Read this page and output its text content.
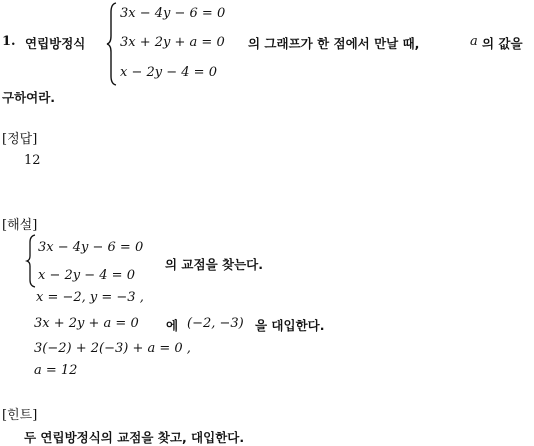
1. 연립방정식
3x − 4y − 6 = 0
3x + 2y + a = 0
x − 2y − 4 = 0
의 그래프가 한 점에서 만날 때,	a 의 값을
구하여라.
[정답]
12
[해설]
3x − 4y − 6 = 0
x − 2y − 4 = 0
의 교점을 찾는다.
x = −2, y = −3 ,
3x + 2y + a = 0 에 (−2, −3) 을 대입한다.
3(−2) + 2(−3) + a = 0 ,
a = 12
[힌트]
두 연립방정식의 교점을 찾고, 대입한다.
